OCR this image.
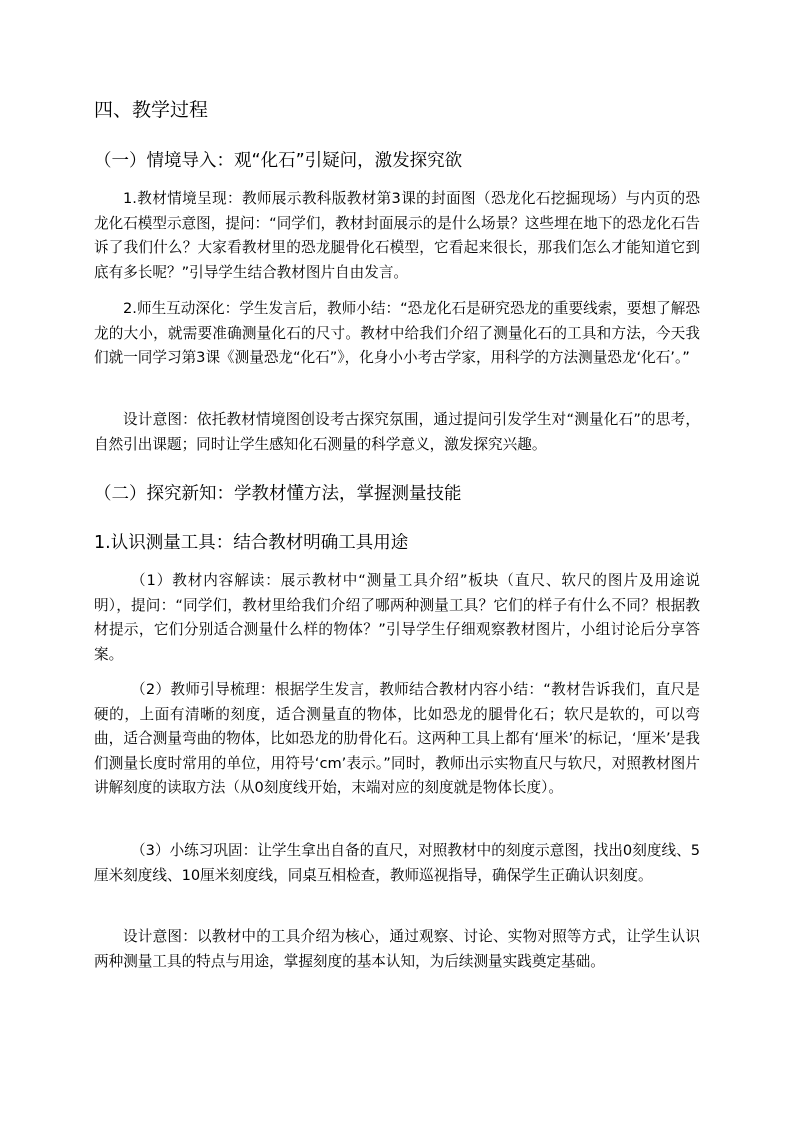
四、教学过程
（一）情境导入：观“化石”引疑问，激发探究欲

1.教材情境呈现：教师展示教科版教材第3课的封面图（恐龙化石挖掘现场）与内页的恐龙化石模型示意图，提问：“同学们，教材封面展示的是什么场景？这些埋在地下的恐龙化石告诉了我们什么？大家看教材里的恐龙腿骨化石模型，它看起来很长，那我们怎么才能知道它到底有多长呢？”引导学生结合教材图片自由发言。

2.师生互动深化：学生发言后，教师小结：“恐龙化石是研究恐龙的重要线索，要想了解恐龙的大小，就需要准确测量化石的尺寸。教材中给我们介绍了测量化石的工具和方法，今天我们就一同学习第3课《测量恐龙“化石”》，化身小小考古学家，用科学的方法测量恐龙‘化石’。”

设计意图：依托教材情境图创设考古探究氛围，通过提问引发学生对“测量化石”的思考，自然引出课题；同时让学生感知化石测量的科学意义，激发探究兴趣。

（二）探究新知：学教材懂方法，掌握测量技能
1.认识测量工具：结合教材明确工具用途

（1）教材内容解读：展示教材中“测量工具介绍”板块（直尺、软尺的图片及用途说明），提问：“同学们，教材里给我们介绍了哪两种测量工具？它们的样子有什么不同？根据教材提示，它们分别适合测量什么样的物体？”引导学生仔细观察教材图片，小组讨论后分享答案。

（2）教师引导梳理：根据学生发言，教师结合教材内容小结：“教材告诉我们，直尺是硬的，上面有清晰的刻度，适合测量直的物体，比如恐龙的腿骨化石；软尺是软的，可以弯曲，适合测量弯曲的物体，比如恐龙的肋骨化石。这两种工具上都有‘厘米’的标记，‘厘米’是我们测量长度时常用的单位，用符号‘cm’表示。”同时，教师出示实物直尺与软尺，对照教材图片讲解刻度的读取方法（从0刻度线开始，末端对应的刻度就是物体长度）。

（3）小练习巩固：让学生拿出自备的直尺，对照教材中的刻度示意图，找出0刻度线、5厘米刻度线、10厘米刻度线，同桌互相检查，教师巡视指导，确保学生正确认识刻度。

设计意图：以教材中的工具介绍为核心，通过观察、讨论、实物对照等方式，让学生认识两种测量工具的特点与用途，掌握刻度的基本认知，为后续测量实践奠定基础。
